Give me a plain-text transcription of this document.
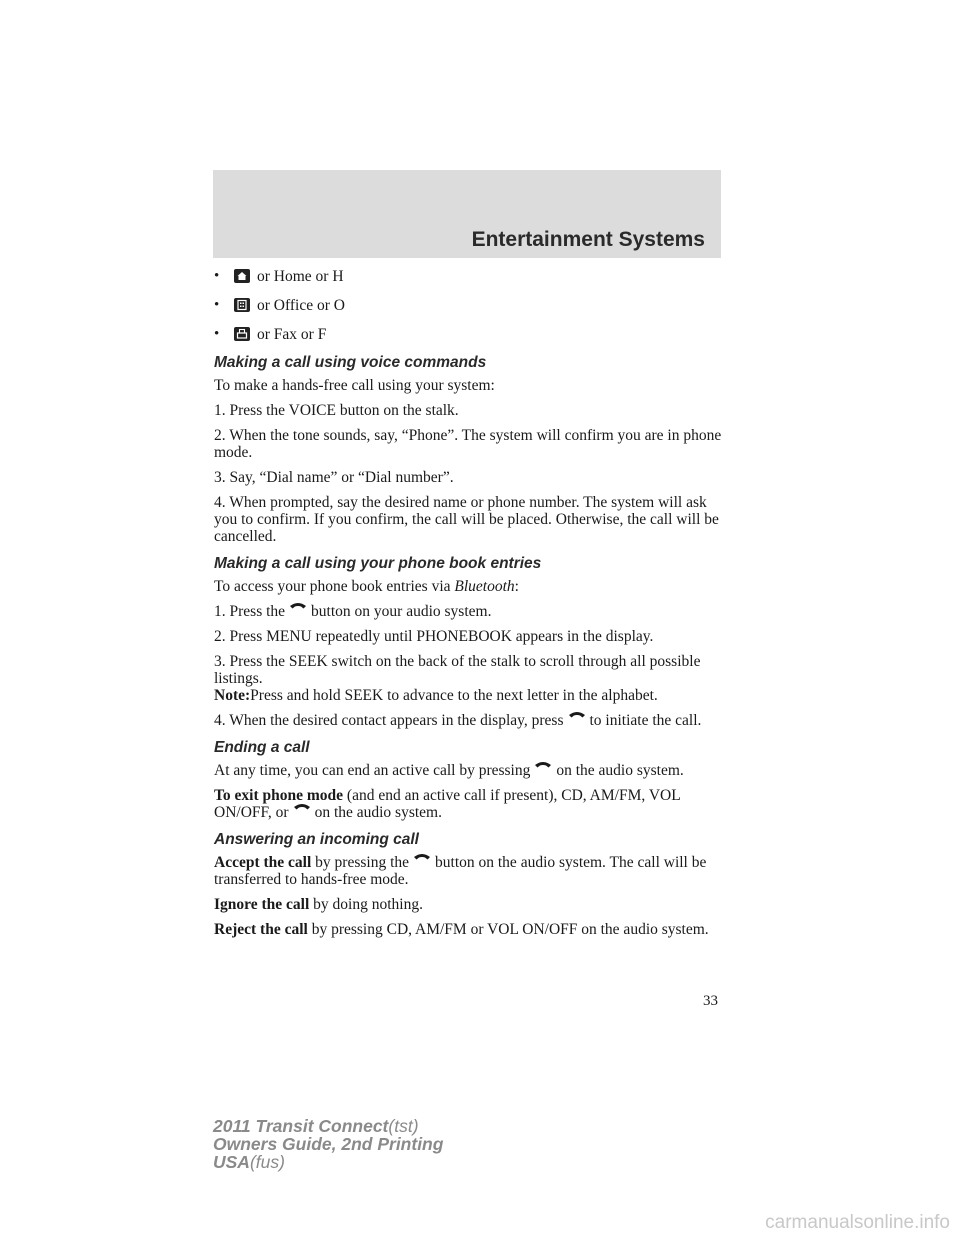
Entertainment Systems
•	or Home or H
•	or Office or O
•	or Fax or F
Making a call using voice commands

To make a hands-free call using your system:

1. Press the VOICE button on the stalk.

2. When the tone sounds, say, “Phone”. The system will confirm you are in phone mode.

3. Say, “Dial name” or “Dial number”.

4. When prompted, say the desired name or phone number. The system will ask you to confirm. If you confirm, the call will be placed. Otherwise, the call will be cancelled.

Making a call using your phone book entries

To access your phone book entries via Bluetooth:

1. Press the button on your audio system.

2. Press MENU repeatedly until PHONEBOOK appears in the display.

3. Press the SEEK switch on the back of the stalk to scroll through all possible listings.
Note:Press and hold SEEK to advance to the next letter in the alphabet.

4. When the desired contact appears in the display, press to initiate the call.

Ending a call

At any time, you can end an active call by pressing on the audio system.

To exit phone mode (and end an active call if present), CD, AM/FM, VOL ON/OFF, or on the audio system.

Answering an incoming call

Accept the call by pressing the button on the audio system. The call will be transferred to hands-free mode.

Ignore the call by doing nothing.

Reject the call by pressing CD, AM/FM or VOL ON/OFF on the audio system.

33
2011 Transit Connect(tst)
Owners Guide, 2nd Printing
USA(fus)
carmanualsonline.info
